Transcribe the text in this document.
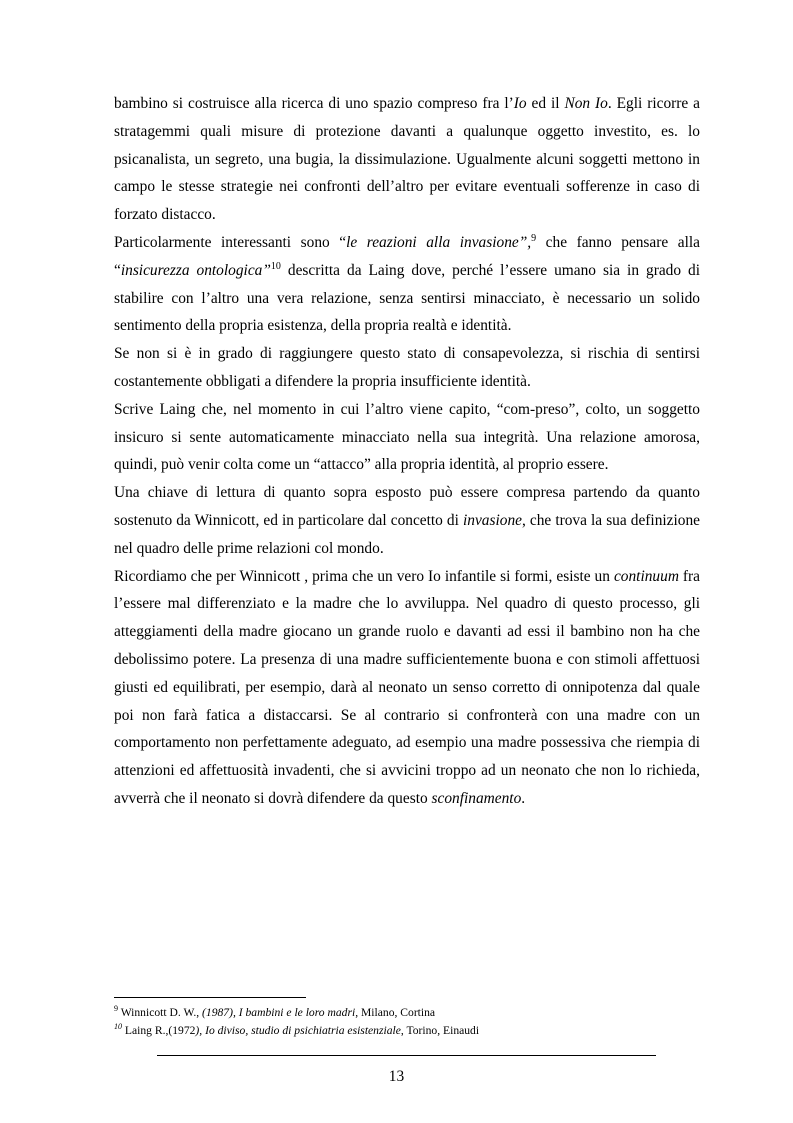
bambino si costruisce alla ricerca di uno spazio compreso fra l’Io ed il Non Io. Egli ricorre a stratagemmi quali misure di protezione davanti a qualunque oggetto investito, es. lo psicanalista, un segreto, una bugia, la dissimulazione. Ugualmente alcuni soggetti mettono in campo le stesse strategie nei confronti dell’altro per evitare eventuali sofferenze in caso di forzato distacco.

Particolarmente interessanti sono “le reazioni alla invasione”,$^9$ che fanno pensare alla “insicurezza ontologica”$^{10}$ descritta da Laing dove, perché l’essere umano sia in grado di stabilire con l’altro una vera relazione, senza sentirsi minacciato, è necessario un solido sentimento della propria esistenza, della propria realtà e identità.

Se non si è in grado di raggiungere questo stato di consapevolezza, si rischia di sentirsi costantemente obbligati a difendere la propria insufficiente identità.

Scrive Laing che, nel momento in cui l’altro viene capito, “com-preso”, colto, un soggetto insicuro si sente automaticamente minacciato nella sua integrità. Una relazione amorosa, quindi, può venir colta come un “attacco” alla propria identità, al proprio essere.

Una chiave di lettura di quanto sopra esposto può essere compresa partendo da quanto sostenuto da Winnicott, ed in particolare dal concetto di invasione, che trova la sua definizione nel quadro delle prime relazioni col mondo.

Ricordiamo che per Winnicott , prima che un vero Io infantile si formi, esiste un continuum fra l’essere mal differenziato e la madre che lo avviluppa. Nel quadro di questo processo, gli atteggiamenti della madre giocano un grande ruolo e davanti ad essi il bambino non ha che debolissimo potere. La presenza di una madre sufficientemente buona e con stimoli affettuosi giusti ed equilibrati, per esempio, darà al neonato un senso corretto di onnipotenza dal quale poi non farà fatica a distaccarsi. Se al contrario si confronterà con una madre con un comportamento non perfettamente adeguato, ad esempio una madre possessiva che riempia di attenzioni ed affettuosità invadenti, che si avvicini troppo ad un neonato che non lo richieda, avverrà che il neonato si dovrà difendere da questo sconfinamento.

$^9$ Winnicott D. W., (1987), I bambini e le loro madri, Milano, Cortina
$^{10}$ Laing R.,(1972), Io diviso, studio di psichiatria esistenziale, Torino, Einaudi
13
